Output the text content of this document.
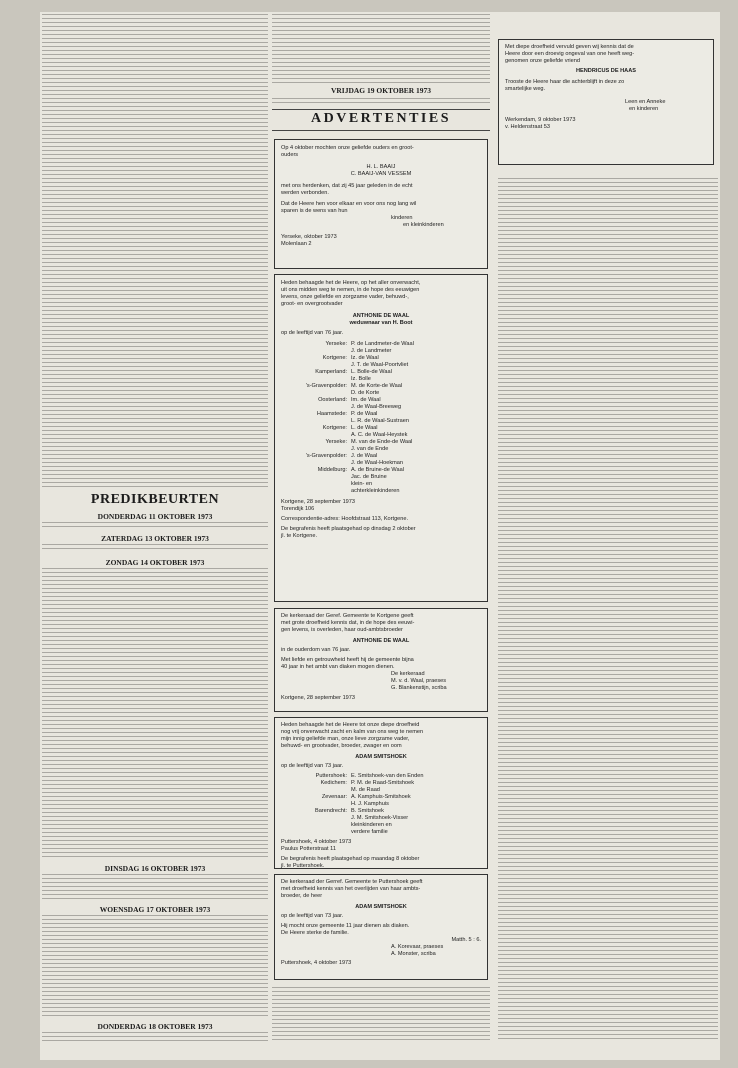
PREDIKBEURTEN
DONDERDAG 11 OKTOBER 1973
ZATERDAG 13 OKTOBER 1973
ZONDAG 14 OKTOBER 1973
DINSDAG 16 OKTOBER 1973
WOENSDAG 17 OKTOBER 1973
DONDERDAG 18 OKTOBER 1973
VRIJDAG 19 OKTOBER 1973
ADVERTENTIES
Op 4 oktober mochten onze geliefde ouders en groot-
ouders
H. L. BAAIJ
C. BAAIJ-VAN VESSEM
met ons herdenken, dat zij 45 jaar geleden in de echt
werden verbonden.
Dat de Heere hen voor elkaar en voor ons nog lang wil
sparen is de wens van hun
kinderen
en kleinkinderen
Yerseke, oktober 1973
Molenlaan 2
Heden behaagde het de Heere, op het aller onverwacht,
uit ons midden weg te nemen, in de hope des eeuwigen
levens, onze geliefde en zorgzame vader, behuwd-,
groot- en overgrootvader
ANTHONIE DE WAAL
weduwnaar van H. Boot
op de leeftijd van 76 jaar.
Yerseke: P. de Landmeter-de Waal
J. de Landmeter
Kortgene: Iz. de Waal
J. T. de Waal-Poortvliet
Kamperland: L. Bolle-de Waal
Iz. Bolle
's-Gravenpolder: M. de Korte-de Waal
D. de Korte
Oosterland: Im. de Waal
J. de Waal-Breeweg
Haamstede: P. de Waal
L. R. de Waal-Sustraen
Kortgene: L. de Waal
A. C. de Waal-Heystek
Yerseke: M. van de Ende-de Waal
J. van de Ende
's-Gravenpolder: J. de Waal
J. de Waal-Hoekman
Middelburg: A. de Bruine-de Waal
Jac. de Bruine
klein- en
achterkleinkinderen
Kortgene, 28 september 1973
Torendijk 106
Correspondentie-adres: Hoofdstraat 113, Kortgene.
De begrafenis heeft plaatsgehad op dinsdag 2 oktober
jl. te Kortgene.
De kerkeraad der Geref. Gemeente te Kortgene geeft
met grote droefheid kennis dat, in de hope des eeuwi-
gen levens, is overleden, haar oud-ambtsbroeder
ANTHONIE DE WAAL
in de ouderdom van 76 jaar.
Met liefde en getrouwheid heeft hij de gemeente bijna
40 jaar in het ambt van diaken mogen dienen.
De kerkeraad
M. v. d. Waal, praeses
G. Blankenstijn, scriba
Kortgene, 28 september 1973
Heden behaagde het de Heere tot onze diepe droefheid
nog vrij onverwacht zacht en kalm van ons weg te nemen
mijn innig geliefde man, onze lieve zorgzame vader,
behuwd- en grootvader, broeder, zwager en oom
ADAM SMITSHOEK
op de leeftijd van 73 jaar.
Puttershoek: E. Smitshoek-van den Enden
Kedichem: P. M. de Raad-Smitshoek
M. de Raad
Zevenaar: A. Kamphuis-Smitshoek
H. J. Kamphuis
Barendrecht: B. Smitshoek
J. M. Smitshoek-Visser
kleinkinderen en
verdere familie
Puttershoek, 4 oktober 1973
Paulus Potterstraat 11
De begrafenis heeft plaatsgehad op maandag 8 oktober
jl. te Puttershoek.
De kerkeraad der Gerref. Gemeente te Puttershoek geeft
met droefheid kennis van het overlijden van haar ambts-
broeder, de heer
ADAM SMITSHOEK
op de leeftijd van 73 jaar.
Hij mocht onze gemeente 11 jaar dienen als diaken.
De Heere sterke de familie.
Matth. 5 : 6.
A. Korevaar, praeses
A. Monster, scriba
Puttershoek, 4 oktober 1973
Met diepe droefheid vervuld geven wij kennis dat de
Heere door een droevig ongeval van one heeft weg-
genomen onze geliefde vriend
HENDRICUS DE HAAS
Trooste de Heere haar die achterblijft in deze zo
smartelijke weg.
Leen en Anneke
en kinderen
Werkendam, 9 oktober 1973
v. Heldenstraat 53
